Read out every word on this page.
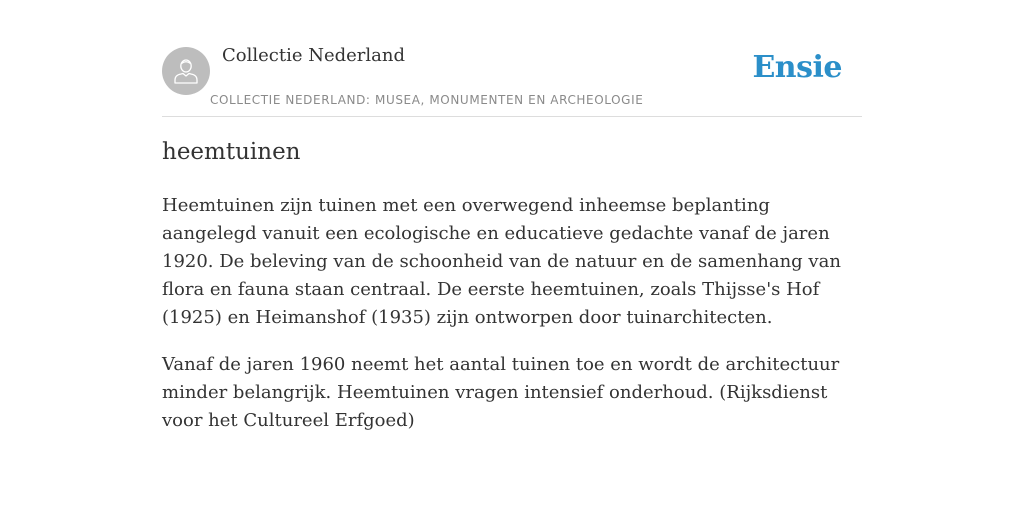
Collectie Nederland
COLLECTIE NEDERLAND: MUSEA, MONUMENTEN EN ARCHEOLOGIE
Ensie
heemtuinen

Heemtuinen zijn tuinen met een overwegend inheemse beplanting aangelegd vanuit een ecologische en educatieve gedachte vanaf de jaren 1920. De beleving van de schoonheid van de natuur en de samenhang van flora en fauna staan centraal. De eerste heemtuinen, zoals Thijsse's Hof (1925) en Heimanshof (1935) zijn ontworpen door tuinarchitecten.

Vanaf de jaren 1960 neemt het aantal tuinen toe en wordt de architectuur minder belangrijk. Heemtuinen vragen intensief onderhoud. (Rijksdienst voor het Cultureel Erfgoed)
